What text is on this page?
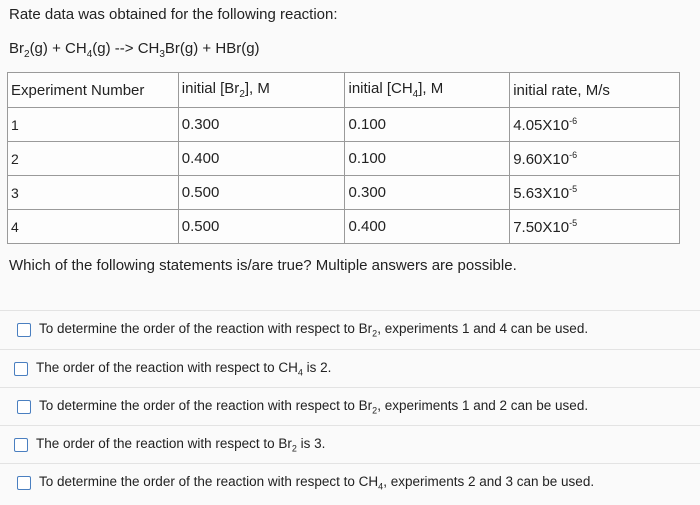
Rate data was obtained for the following reaction:
$Br_2(g) + CH_4(g)$ --> $CH_3Br(g) + HBr(g)$
Experiment Number	initial $[Br_2]$, M	initial $[CH_4]$, M	initial rate, M/s
1	0.300	0.100	$4.05X10^{-6}$
2	0.400	0.100	$9.60X10^{-6}$
3	0.500	0.300	$5.63X10^{-5}$
4	0.500	0.400	$7.50X10^{-5}$
Which of the following statements is/are true? Multiple answers are possible.
To determine the order of the reaction with respect to $Br_2$, experiments 1 and 4 can be used.
The order of the reaction with respect to $CH_4$ is 2.
To determine the order of the reaction with respect to $Br_2$, experiments 1 and 2 can be used.
The order of the reaction with respect to $Br_2$ is 3.
To determine the order of the reaction with respect to $CH_4$, experiments 2 and 3 can be used.
